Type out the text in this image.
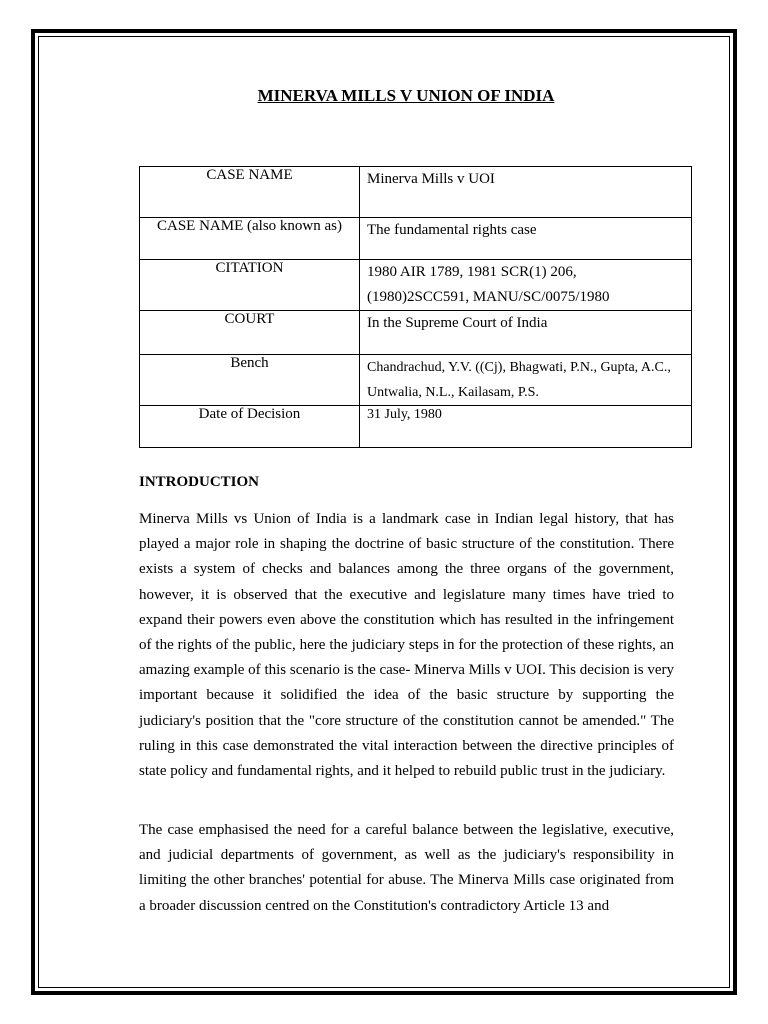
MINERVA MILLS V UNION OF INDIA
CASE NAME	Minerva Mills v UOI
CASE NAME (also known as)	The fundamental rights case
CITATION	1980 AIR 1789, 1981 SCR(1) 206,
(1980)2SCC591, MANU/SC/0075/1980
COURT	In the Supreme Court of India
Bench	Chandrachud, Y.V. ((Cj), Bhagwati, P.N., Gupta, A.C.,
Untwalia, N.L., Kailasam, P.S.
Date of Decision	31 July, 1980
INTRODUCTION

Minerva Mills vs Union of India is a landmark case in Indian legal history, that has played a major role in shaping the doctrine of basic structure of the constitution. There exists a system of checks and balances among the three organs of the government, however, it is observed that the executive and legislature many times have tried to expand their powers even above the constitution which has resulted in the infringement of the rights of the public, here the judiciary steps in for the protection of these rights, an amazing example of this scenario is the case- Minerva Mills v UOI. This decision is very important because it solidified the idea of the basic structure by supporting the judiciary's position that the "core structure of the constitution cannot be amended." The ruling in this case demonstrated the vital interaction between the directive principles of state policy and fundamental rights, and it helped to rebuild public trust in the judiciary.

The case emphasised the need for a careful balance between the legislative, executive, and judicial departments of government, as well as the judiciary's responsibility in limiting the other branches' potential for abuse. The Minerva Mills case originated from a broader discussion centred on the Constitution's contradictory Article 13 and
